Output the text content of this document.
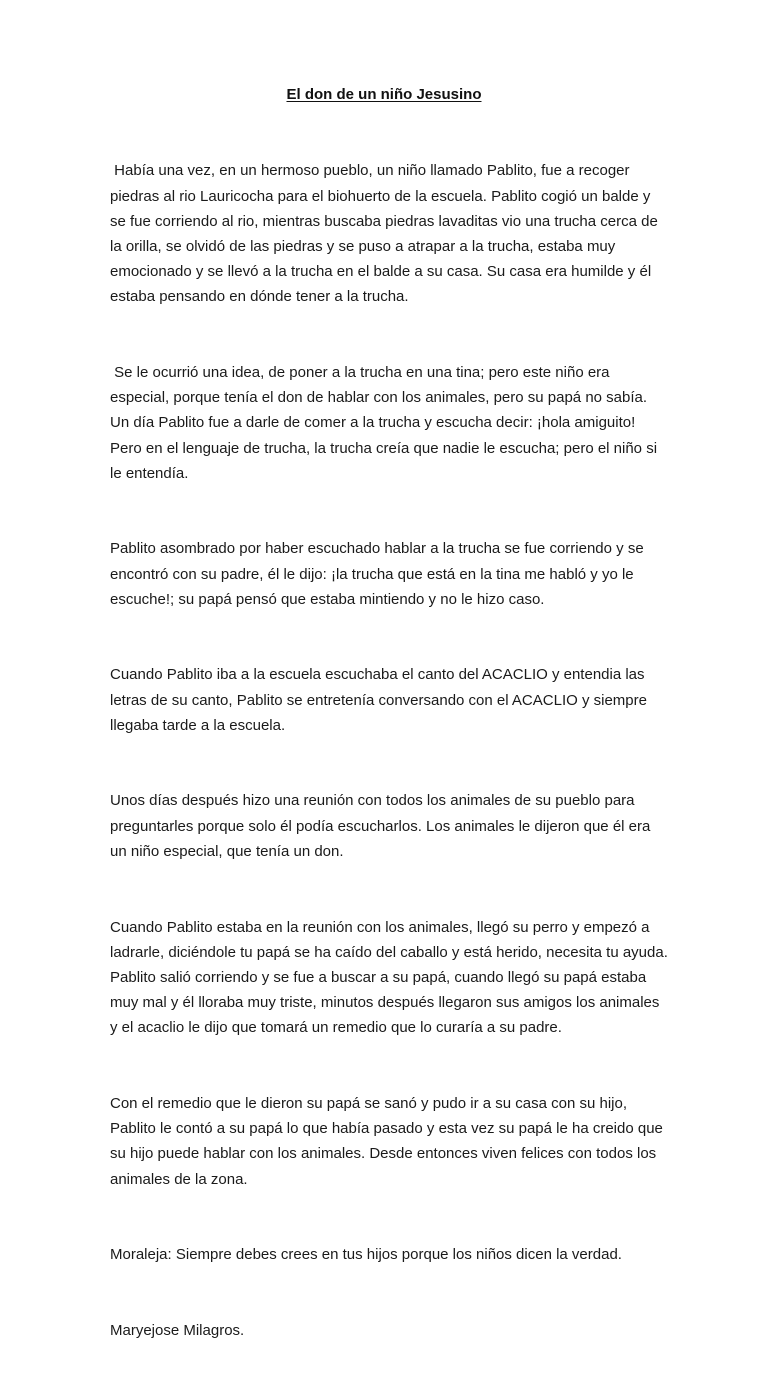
El don de un niño Jesusino

Había una vez, en un hermoso pueblo, un niño llamado Pablito, fue a recoger piedras al rio Lauricocha para el biohuerto de la escuela. Pablito cogió un balde y se fue corriendo al rio, mientras buscaba piedras lavaditas vio una trucha cerca de la orilla, se olvidó de las piedras y se puso a atrapar a la trucha, estaba muy emocionado y se llevó a la trucha en el balde a su casa. Su casa era humilde y él estaba pensando en dónde tener a la trucha.

Se le ocurrió una idea, de poner a la trucha en una tina; pero este niño era especial, porque tenía el don de hablar con los animales, pero su papá no sabía. Un día Pablito fue a darle de comer a la trucha y escucha decir: ¡hola amiguito! Pero en el lenguaje de trucha, la trucha creía que nadie le escucha; pero el niño si le entendía.

Pablito asombrado por haber escuchado hablar a la trucha se fue corriendo y se encontró con su padre, él le dijo: ¡la trucha que está en la tina me habló y yo le escuche!; su papá pensó que estaba mintiendo y no le hizo caso.

Cuando Pablito iba a la escuela escuchaba el canto del ACACLIO y entendia las letras de su canto, Pablito se entretenía conversando con el ACACLIO y siempre llegaba tarde a la escuela.

Unos días después hizo una reunión con todos los animales de su pueblo para preguntarles porque solo él podía escucharlos. Los animales le dijeron que él era un niño especial, que tenía un don.

Cuando Pablito estaba en la reunión con los animales, llegó su perro y empezó a ladrarle, diciéndole tu papá se ha caído del caballo y está herido, necesita tu ayuda. Pablito salió corriendo y se fue a buscar a su papá, cuando llegó su papá estaba muy mal y él lloraba muy triste, minutos después llegaron sus amigos los animales y el acaclio le dijo que tomará un remedio que lo curaría a su padre.

Con el remedio que le dieron su papá se sanó y pudo ir a su casa con su hijo, Pablito le contó a su papá lo que había pasado y esta vez su papá le ha creido que su hijo puede hablar con los animales. Desde entonces viven felices con todos los animales de la zona.

Moraleja: Siempre debes crees en tus hijos porque los niños dicen la verdad.

Maryejose Milagros.
